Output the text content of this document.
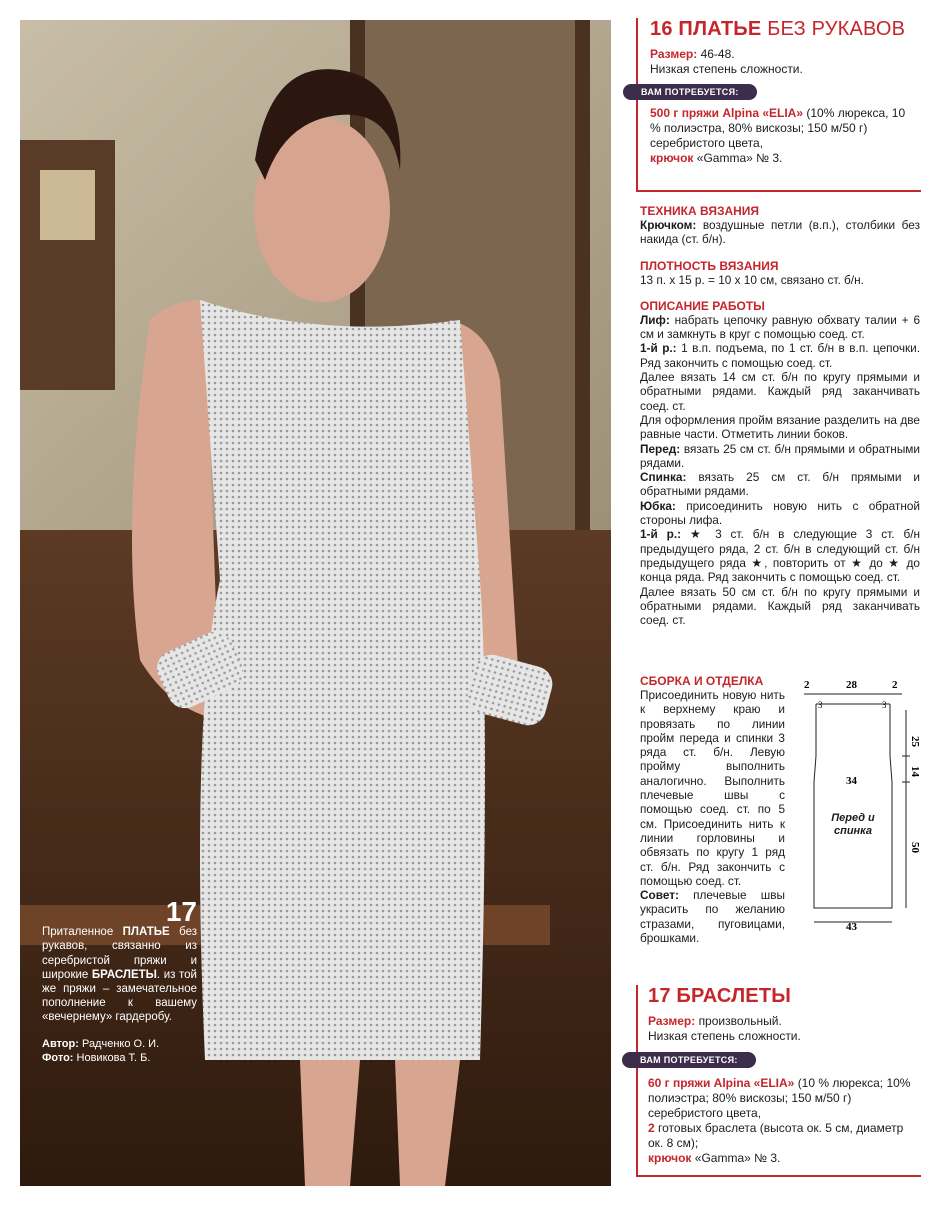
17

Приталенное ПЛАТЬЕ без рукавов, связанно из серебристой пряжи и широкие БРАСЛЕТЫ. из той же пряжи – замечательное пополнение к вашему «вечернему» гардеробу.

Автор: Радченко О. И.
Фото: Новикова Т. Б.
16 ПЛАТЬЕ БЕЗ РУКАВОВ
Размер: 46-48.
Низкая степень сложности.
ВАМ ПОТРЕБУЕТСЯ:
500 г пряжи Alpina «ELIA» (10% люрекса, 10 % полиэстра, 80% вискозы; 150 м/50 г) серебристого цвета,
крючок «Gamma» № 3.

ТЕХНИКА ВЯЗАНИЯ

Крючком: воздушные петли (в.п.), столбики без накида (ст. б/н).

ПЛОТНОСТЬ ВЯЗАНИЯ

13 п. х 15 р. = 10 х 10 см, связано ст. б/н.

ОПИСАНИЕ РАБОТЫ

Лиф: набрать цепочку равную обхвату талии + 6 см и замкнуть в круг с помощью соед. ст.

1-й р.: 1 в.п. подъема, по 1 ст. б/н в в.п. цепочки. Ряд закончить с помощью соед. ст.

Далее вязать 14 см ст. б/н по кругу прямыми и обратными рядами. Каждый ряд заканчивать соед. ст.

Для оформления пройм вязание разделить на две равные части. Отметить линии боков.

Перед: вязать 25 см ст. б/н прямыми и обратными рядами.

Спинка: вязать 25 см ст. б/н прямыми и обратными рядами.

Юбка: присоединить новую нить с обратной стороны лифа.

1-й р.: ★ 3 ст. б/н в следующие 3 ст. б/н предыдущего ряда, 2 ст. б/н в следующий ст. б/н предыдущего ряда ★, повторить от ★ до ★ до конца ряда. Ряд закончить с помощью соед. ст.

Далее вязать 50 см ст. б/н по кругу прямыми и обратными рядами. Каждый ряд заканчивать соед. ст.

СБОРКА И ОТДЕЛКА

Присоединить новую нить к верхнему краю и провязать по линии пройм переда и спинки 3 ряда ст. б/н. Левую пройму выполнить аналогично. Выполнить плечевые швы с помощью соед. ст. по 5 см. Присоединить нить к линии горловины и обвязать по кругу 1 ряд ст. б/н. Ряд закончить с помощью соед. ст.

Совет: плечевые швы украсить по желанию стразами, пуговицами, брошками.

2	28	2
3	3
25
14
50
34
43
Перед и спинка
17 БРАСЛЕТЫ
Размер: произвольный.
Низкая степень сложности.
ВАМ ПОТРЕБУЕТСЯ:
60 г пряжи Alpina «ELIA» (10 % люрекса; 10% полиэстра; 80% вискозы; 150 м/50 г) серебристого цвета,
2 готовых браслета (высота ок. 5 см, диаметр ок. 8 см);
крючок «Gamma» № 3.
